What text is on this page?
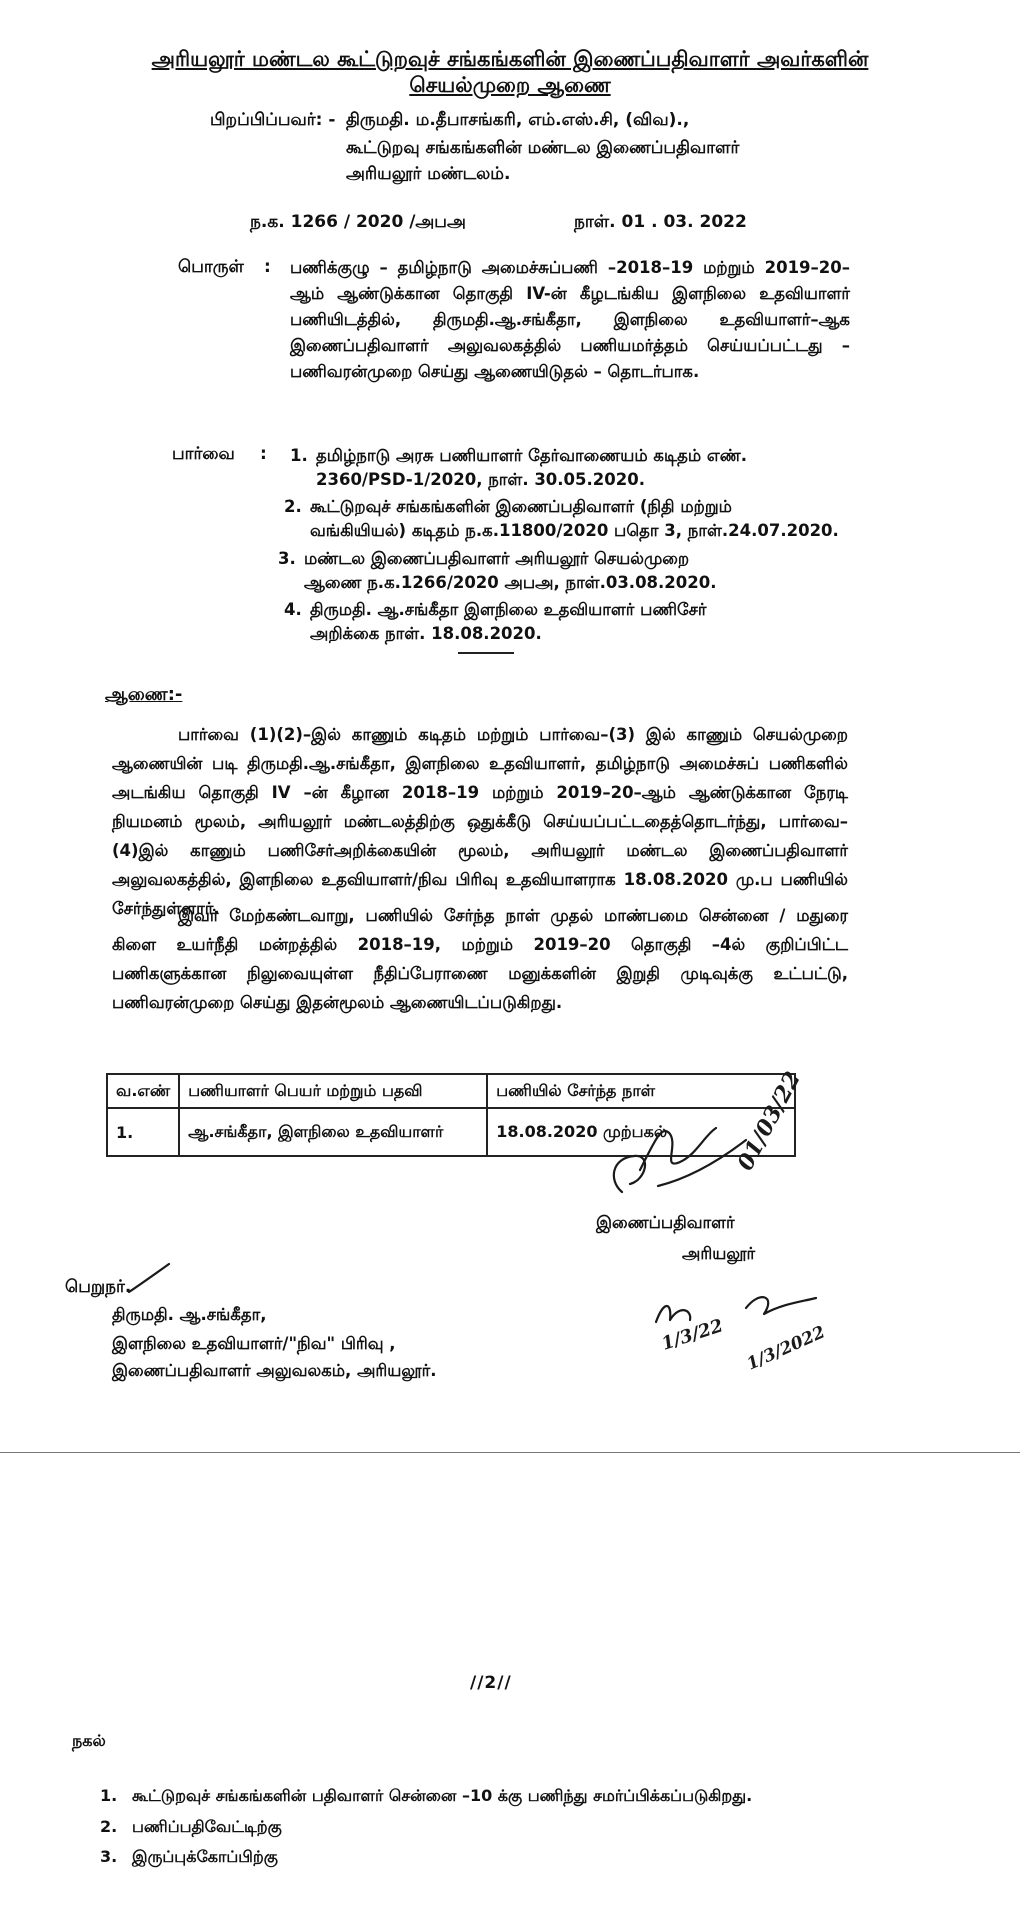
அரியலூர் மண்டல கூட்டுறவுச் சங்கங்களின் இணைப்பதிவாளர் அவர்களின்
செயல்முறை ஆணை
பிறப்பிப்பவர்: - திருமதி. ம.தீபாசங்கரி, எம்.எஸ்.சி, (விவ).,
கூட்டுறவு சங்கங்களின் மண்டல இணைப்பதிவாளர்
அரியலூர் மண்டலம்.
ந.க. 1266 / 2020 /அபஅ	நாள். 01 . 03. 2022
பொருள் : பணிக்குழு – தமிழ்நாடு அமைச்சுப்பணி –2018–19 மற்றும் 2019–20–ஆம் ஆண்டுக்கான தொகுதி IV-ன் கீழடங்கிய இளநிலை உதவியாளர் பணியிடத்தில், திருமதி.ஆ.சங்கீதா, இளநிலை உதவியாளர்–ஆக இணைப்பதிவாளர் அலுவலகத்தில் பணியமர்த்தம் செய்யப்பட்டது – பணிவரன்முறை செய்து ஆணையிடுதல் – தொடர்பாக.
பார்வை : 1. தமிழ்நாடு அரசு பணியாளர் தேர்வாணையம் கடிதம் எண்.
2360/PSD-1/2020, நாள். 30.05.2020.
2. கூட்டுறவுச் சங்கங்களின் இணைப்பதிவாளர் (நிதி மற்றும்
வங்கியியல்) கடிதம் ந.க.11800/2020 பதொ 3, நாள்.24.07.2020.
3. மண்டல இணைப்பதிவாளர் அரியலூர் செயல்முறை
ஆணை ந.க.1266/2020 அபஅ, நாள்.03.08.2020.
4. திருமதி. ஆ.சங்கீதா இளநிலை உதவியாளர் பணிசேர்
அறிக்கை நாள். 18.08.2020.
ஆணை:-
பார்வை (1)(2)–இல் காணும் கடிதம் மற்றும் பார்வை–(3) இல் காணும் செயல்முறை ஆணையின் படி திருமதி.ஆ.சங்கீதா, இளநிலை உதவியாளர், தமிழ்நாடு அமைச்சுப் பணிகளில் அடங்கிய தொகுதி IV –ன் கீழான 2018–19 மற்றும் 2019–20–ஆம் ஆண்டுக்கான நேரடி நியமனம் மூலம், அரியலூர் மண்டலத்திற்கு ஒதுக்கீடு செய்யப்பட்டதைத்தொடர்ந்து, பார்வை–(4)இல் காணும் பணிசேர்அறிக்கையின் மூலம், அரியலூர் மண்டல இணைப்பதிவாளர் அலுவலகத்தில், இளநிலை உதவியாளர்/நிவ பிரிவு உதவியாளராக 18.08.2020 மு.ப பணியில் சேர்ந்துள்ளார்.
இவர் மேற்கண்டவாறு, பணியில் சேர்ந்த நாள் முதல் மாண்பமை சென்னை / மதுரை கிளை உயர்நீதி மன்றத்தில் 2018–19, மற்றும் 2019–20 தொகுதி –4ல் குறிப்பிட்ட பணிகளுக்கான நிலுவையுள்ள நீதிப்பேராணை மனுக்களின் இறுதி முடிவுக்கு உட்பட்டு, பணிவரன்முறை செய்து இதன்மூலம் ஆணையிடப்படுகிறது.
வ.எண்	பணியாளர் பெயர் மற்றும் பதவி	பணியில் சேர்ந்த நாள்
1.	ஆ.சங்கீதா, இளநிலை உதவியாளர்	18.08.2020 முற்பகல்	01/03/22
இணைப்பதிவாளர்
அரியலூர்
பெறுநர்.
திருமதி. ஆ.சங்கீதா,
இளநிலை உதவியாளர்/"நிவ" பிரிவு ,
இணைப்பதிவாளர் அலுவலகம், அரியலூர்.
1/3/22 1/3/2022
//2//
நகல்
1. கூட்டுறவுச் சங்கங்களின் பதிவாளர் சென்னை –10 க்கு பணிந்து சமர்ப்பிக்கப்படுகிறது.
2. பணிப்பதிவேட்டிற்கு
3. இருப்புக்கோப்பிற்கு
